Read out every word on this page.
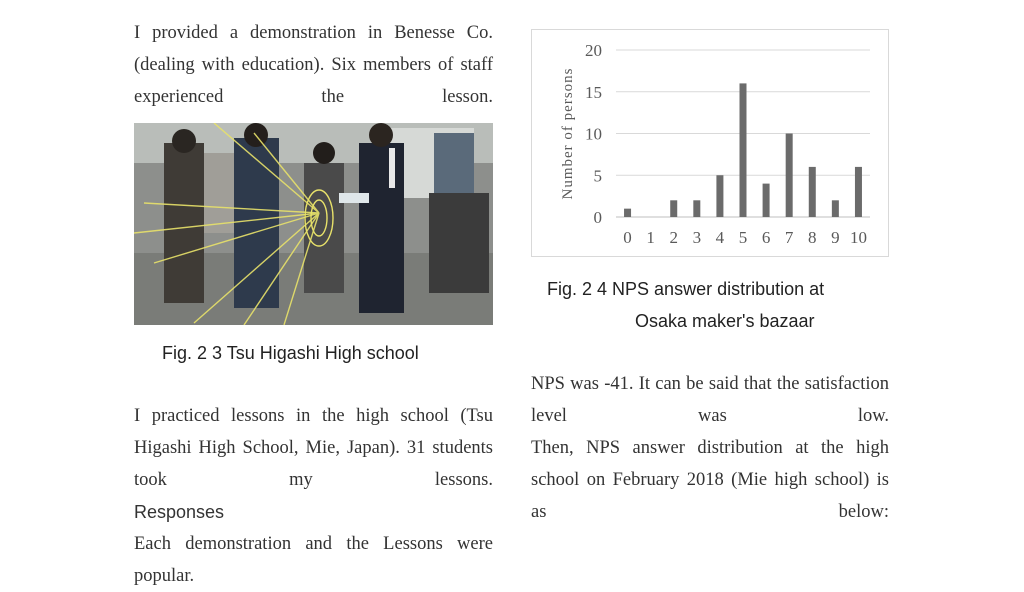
I provided a demonstration in Benesse Co. (dealing with education). Six members of staff experienced the lesson.
Fig. 2 3 Tsu Higashi High school
I practiced lessons in the high school (Tsu Higashi High School, Mie, Japan). 31 students took my lessons.
Responses
Each demonstration and the Lessons were popular.
0
5
10
15
20
0 1 2 3 4 5 6 7 8 9 10
Number of persons
Fig. 2 4 NPS answer distribution at
Osaka maker's bazaar
NPS was -41. It can be said that the satisfaction level was low.
Then, NPS answer distribution at the high school on February 2018 (Mie high school) is as below:
